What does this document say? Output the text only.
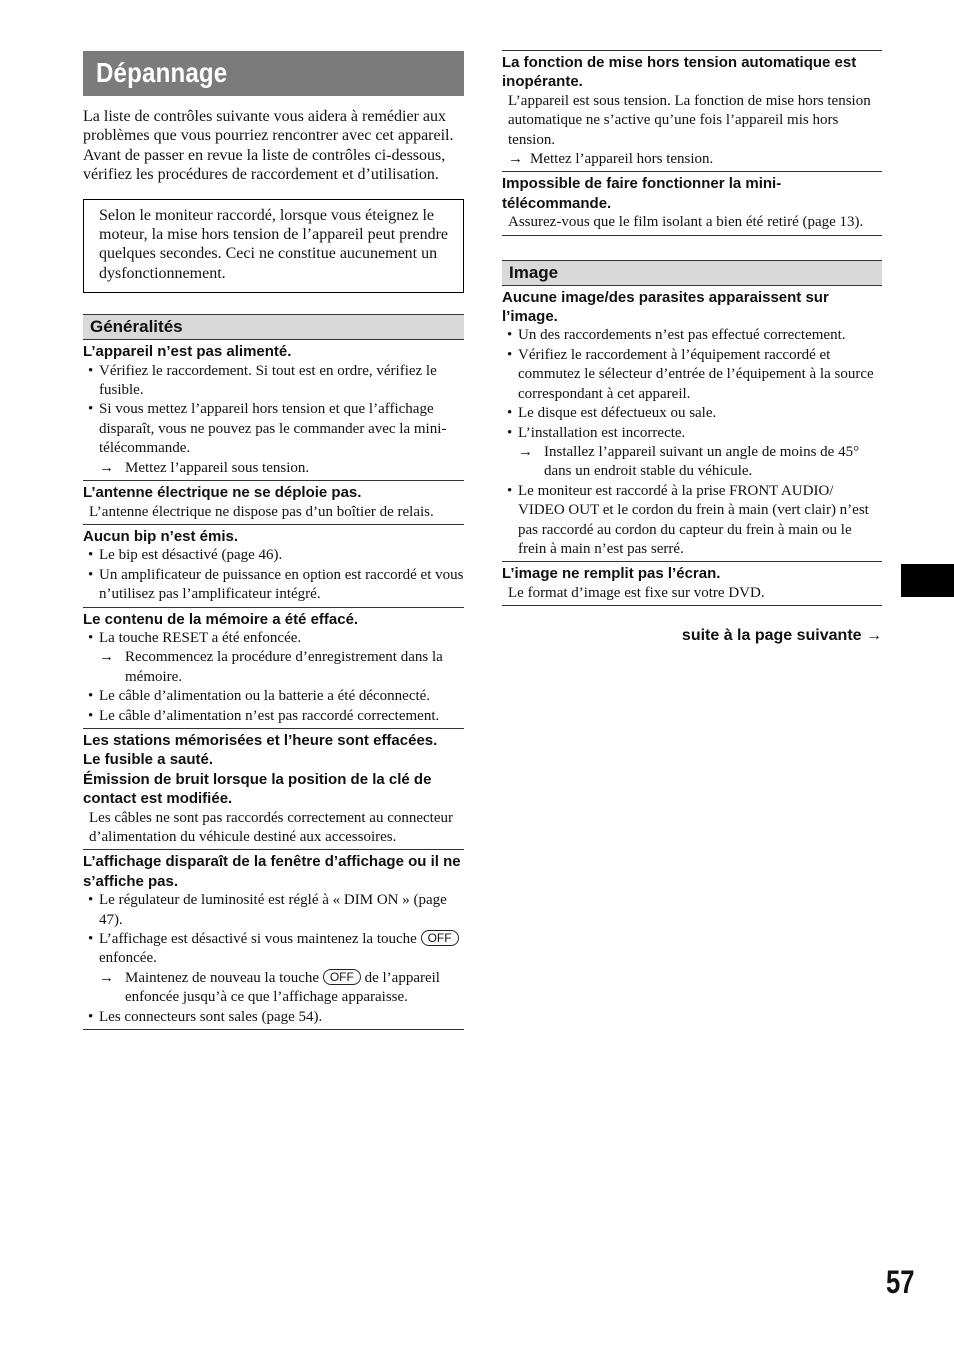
Dépannage

La liste de contrôles suivante vous aidera à remédier aux problèmes que vous pourriez rencontrer avec cet appareil.

Avant de passer en revue la liste de contrôles ci-dessous, vérifiez les procédures de raccordement et d’utilisation.

Selon le moniteur raccordé, lorsque vous éteignez le moteur, la mise hors tension de l’appareil peut prendre quelques secondes. Ceci ne constitue aucunement un dysfonctionnement.
Généralités
L’appareil n’est pas alimenté.
• Vérifiez le raccordement. Si tout est en ordre, vérifiez le fusible.
• Si vous mettez l’appareil hors tension et que l’affichage disparaît, vous ne pouvez pas le commander avec la mini-télécommande.
→ Mettez l’appareil sous tension.
L’antenne électrique ne se déploie pas.
L’antenne électrique ne dispose pas d’un boîtier de relais.
Aucun bip n’est émis.
• Le bip est désactivé (page 46).
• Un amplificateur de puissance en option est raccordé et vous n’utilisez pas l’amplificateur intégré.
Le contenu de la mémoire a été effacé.
• La touche RESET a été enfoncée.
→ Recommencez la procédure d’enregistrement dans la mémoire.
• Le câble d’alimentation ou la batterie a été déconnecté.
• Le câble d’alimentation n’est pas raccordé correctement.
Les stations mémorisées et l’heure sont effacées.
Le fusible a sauté.
Émission de bruit lorsque la position de la clé de contact est modifiée.
Les câbles ne sont pas raccordés correctement au connecteur d’alimentation du véhicule destiné aux accessoires.
L’affichage disparaît de la fenêtre d’affichage ou il ne s’affiche pas.
• Le régulateur de luminosité est réglé à « DIM ON » (page 47).
• L’affichage est désactivé si vous maintenez la touche OFF enfoncée.
→ Maintenez de nouveau la touche OFF de l’appareil enfoncée jusqu’à ce que l’affichage apparaisse.
• Les connecteurs sont sales (page 54).
La fonction de mise hors tension automatique est inopérante.
L’appareil est sous tension. La fonction de mise hors tension automatique ne s’active qu’une fois l’appareil mis hors tension.
→ Mettez l’appareil hors tension.
Impossible de faire fonctionner la mini-télécommande.
Assurez-vous que le film isolant a bien été retiré (page 13).
Image
Aucune image/des parasites apparaissent sur l’image.
• Un des raccordements n’est pas effectué correctement.
• Vérifiez le raccordement à l’équipement raccordé et commutez le sélecteur d’entrée de l’équipement à la source correspondant à cet appareil.
• Le disque est défectueux ou sale.
• L’installation est incorrecte.
→ Installez l’appareil suivant un angle de moins de 45° dans un endroit stable du véhicule.
• Le moniteur est raccordé à la prise FRONT AUDIO/ VIDEO OUT et le cordon du frein à main (vert clair) n’est pas raccordé au cordon du capteur du frein à main ou le frein à main n’est pas serré.
L’image ne remplit pas l’écran.
Le format d’image est fixe sur votre DVD.
suite à la page suivante →
57
